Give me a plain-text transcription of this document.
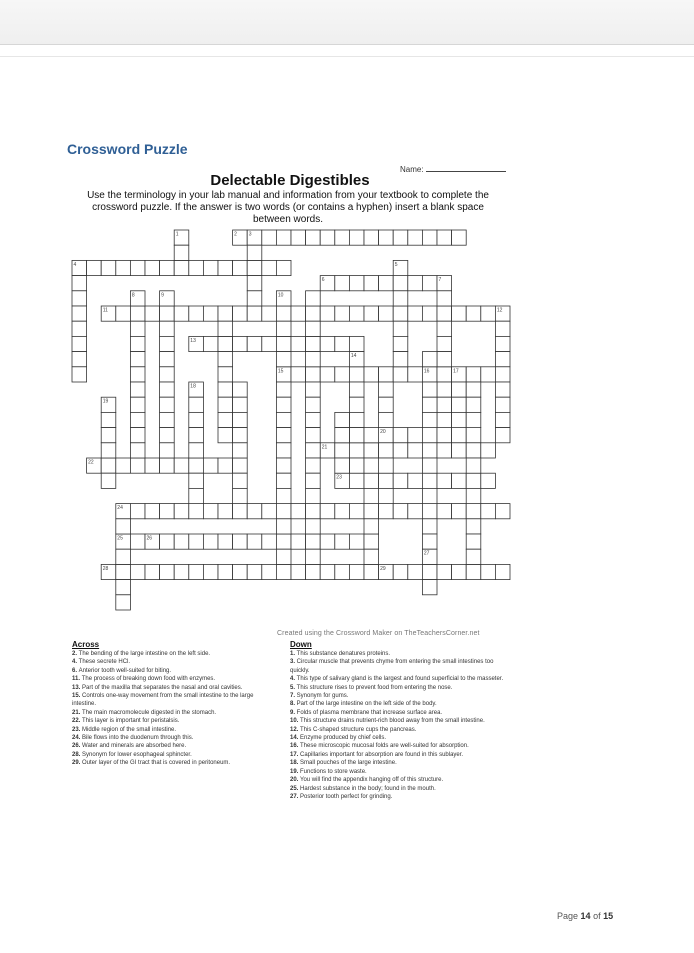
Crossword Puzzle
Name:
Delectable Digestibles
Use the terminology in your lab manual and information from your textbook to complete the crossword puzzle. If the answer is two words (or contains a hyphen) insert a blank space between words.
1	2 3
4	5
6	7
8	9	10
11	12
13
14
15	16	17
18
19
20
21
22
23
24
25	26
27
28	29
Created using the Crossword Maker on TheTeachersCorner.net
Across
2. The bending of the large intestine on the left side.
4. These secrete HCl.
6. Anterior tooth well-suited for biting.
11. The process of breaking down food with enzymes.
13. Part of the maxilla that separates the nasal and oral cavities.
15. Controls one-way movement from the small intestine to the large intestine.
21. The main macromolecule digested in the stomach.
22. This layer is important for peristalsis.
23. Middle region of the small intestine.
24. Bile flows into the duodenum through this.
26. Water and minerals are absorbed here.
28. Synonym for lower esophageal sphincter.
29. Outer layer of the GI tract that is covered in peritoneum.
Down
1. This substance denatures proteins.
3. Circular muscle that prevents chyme from entering the small intestines too quickly.
4. This type of salivary gland is the largest and found superficial to the masseter.
5. This structure rises to prevent food from entering the nose.
7. Synonym for gums.
8. Part of the large intestine on the left side of the body.
9. Folds of plasma membrane that increase surface area.
10. This structure drains nutrient-rich blood away from the small intestine.
12. This C-shaped structure cups the pancreas.
14. Enzyme produced by chief cells.
16. These microscopic mucosal folds are well-suited for absorption.
17. Capillaries important for absorption are found in this sublayer.
18. Small pouches of the large intestine.
19. Functions to store waste.
20. You will find the appendix hanging off of this structure.
25. Hardest substance in the body; found in the mouth.
27. Posterior tooth perfect for grinding.
Page 14 of 15
